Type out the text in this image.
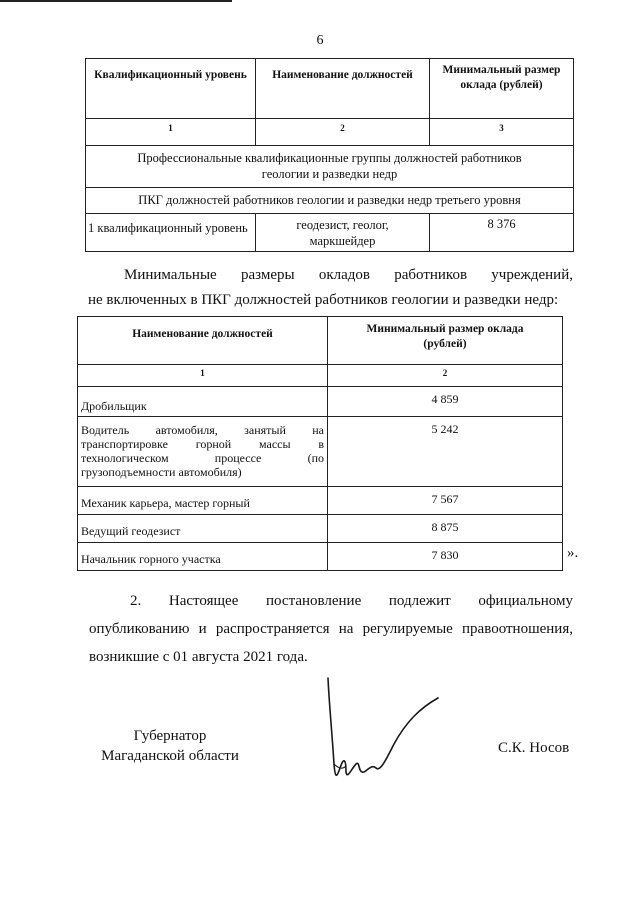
6
Квалификационный уровень	Наименование должностей	Минимальный размер оклада (рублей)
1	2	3
Профессиональные квалификационные группы должностей работников геологии и разведки недр		
ПКГ должностей работников геологии и разведки недр третьего уровня		
1 квалификационный уровень	геодезист, геолог, маркшейдер	8 376
Минимальные размеры окладов работников учреждений,
не включенных в ПКГ должностей работников геологии и разведки недр:
Наименование должностей	Минимальный размер оклада (рублей)
1	2
Дробильщик	4 859
Водитель автомобиля, занятый на транспортировке горной массы в технологическом процессе (по грузоподъемности автомобиля)	5 242
Механик карьера, мастер горный	7 567
Ведущий геодезист	8 875
Начальник горного участка	7 830	».
2. Настоящее постановление подлежит официальному
опубликованию и распространяется на регулируемые правоотношения,
возникшие с 01 августа 2021 года.
Губернатор
Магаданской области	С.К. Носов
